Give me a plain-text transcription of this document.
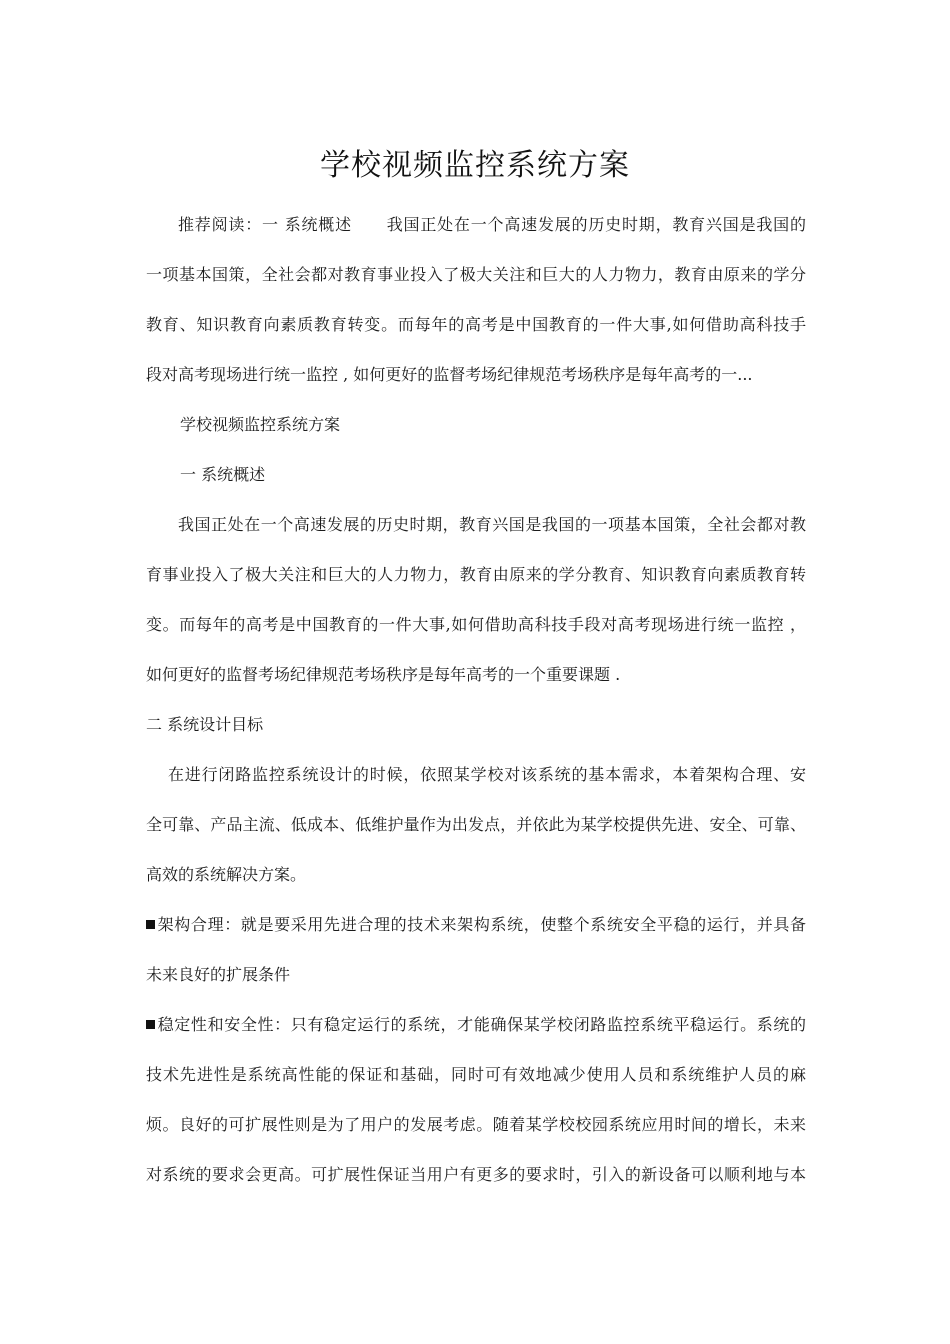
学校视频监控系统方案
推荐阅读：一 系统概述 我国正处在一个高速发展的历史时期，教育兴国是我国的
一项基本国策，全社会都对教育事业投入了极大关注和巨大的人力物力，教育由原来的学分
教育、知识教育向素质教育转变。而每年的高考是中国教育的一件大事,如何借助高科技手
段对高考现场进行统一监控 , 如何更好的监督考场纪律规范考场秩序是每年高考的一...
学校视频监控系统方案
一 系统概述
我国正处在一个高速发展的历史时期，教育兴国是我国的一项基本国策，全社会都对教
育事业投入了极大关注和巨大的人力物力，教育由原来的学分教育、知识教育向素质教育转
变。而每年的高考是中国教育的一件大事,如何借助高科技手段对高考现场进行统一监控 ，
如何更好的监督考场纪律规范考场秩序是每年高考的一个重要课题 .
二 系统设计目标
在进行闭路监控系统设计的时候，依照某学校对该系统的基本需求，本着架构合理、安
全可靠、产品主流、低成本、低维护量作为出发点，并依此为某学校提供先进、安全、可靠、
高效的系统解决方案。
架构合理：就是要采用先进合理的技术来架构系统，使整个系统安全平稳的运行，并具备
未来良好的扩展条件
稳定性和安全性：只有稳定运行的系统，才能确保某学校闭路监控系统平稳运行。系统的
技术先进性是系统高性能的保证和基础，同时可有效地减少使用人员和系统维护人员的麻
烦。良好的可扩展性则是为了用户的发展考虑。随着某学校校园系统应用时间的增长，未来
对系统的要求会更高。可扩展性保证当用户有更多的要求时，引入的新设备可以顺利地与本
